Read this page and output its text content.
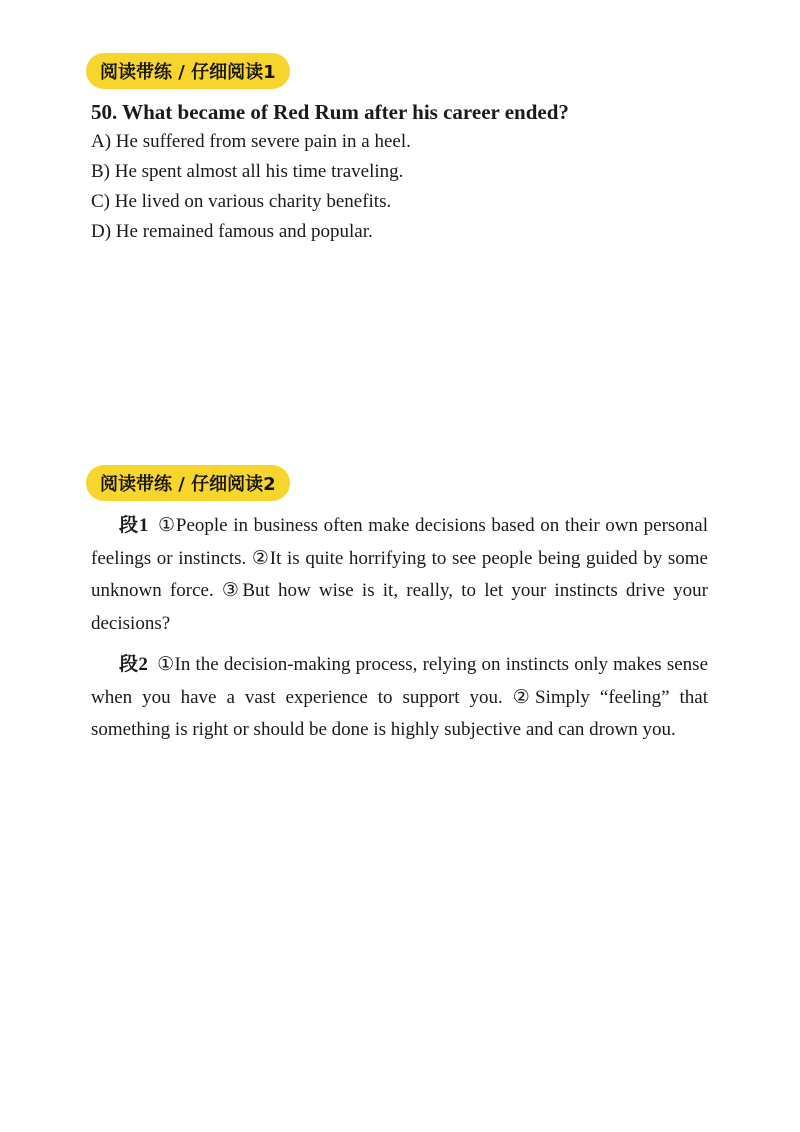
阅读带练 / 仔细阅读1

50. What became of Red Rum after his career ended?

A) He suffered from severe pain in a heel.

B) He spent almost all his time traveling.

C) He lived on various charity benefits.

D) He remained famous and popular.

阅读带练 / 仔细阅读2

段1 ①People in business often make decisions based on their own personal feelings or instincts. ②It is quite horrifying to see people being guided by some unknown force. ③But how wise is it, really, to let your instincts drive your decisions?

段2 ①In the decision-making process, relying on instincts only makes sense when you have a vast experience to support you. ②Simply “feeling” that something is right or should be done is highly subjective and can drown you.
